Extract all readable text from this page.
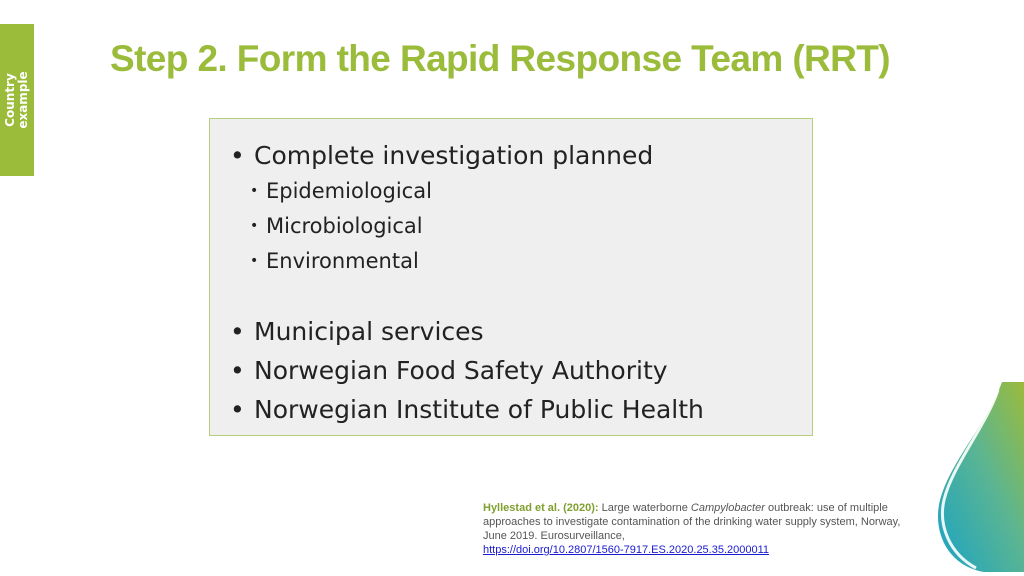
Country example
Step 2. Form the Rapid Response Team (RRT)
• Complete investigation planned
• Epidemiological
• Microbiological
• Environmental
• Municipal services
• Norwegian Food Safety Authority
• Norwegian Institute of Public Health
Hyllestad et al. (2020): Large waterborne Campylobacter outbreak: use of multiple approaches to investigate contamination of the drinking water supply system, Norway, June 2019. Eurosurveillance,
https://doi.org/10.2807/1560-7917.ES.2020.25.35.2000011
